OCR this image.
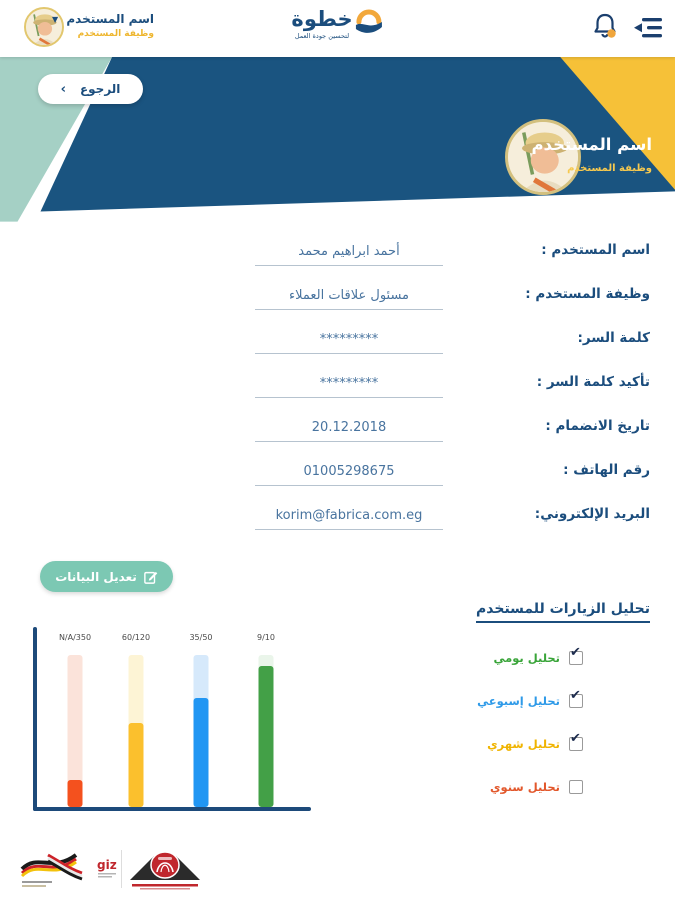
▼ اسم المستخدم
وظيفة المستخدم
خطوة
لتحسين جودة العمل
‹ الرجوع
اسم المستخدم
وظيفة المستخدم
اسم المستخدم :
أحمد ابراهيم محمد
وظيفة المستخدم :
مسئول علاقات العملاء
كلمة السر:
*********
تأكيد كلمة السر :
*********
تاريخ الانضمام :
20.12.2018
رقم الهاتف :
01005298675
البريد الإلكتروني:
korim@fabrica.com.eg
تعديل البيانات
تحليل الزيارات للمستخدم
تحليل يومي
✔
تحليل إسبوعي
✔
تحليل شهري
✔
تحليل سنوي
N/A/350	60/120	35/50	9/10
giz
